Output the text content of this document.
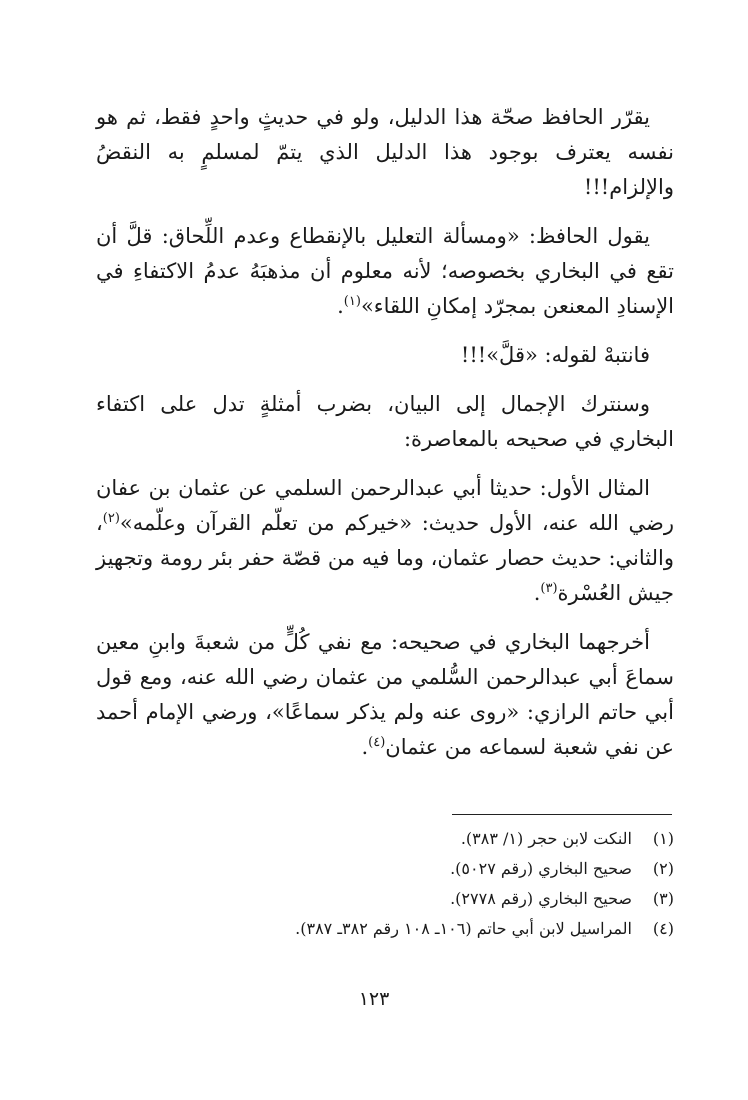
يقرّر الحافظ صحّة هذا الدليل، ولو في حديثٍ واحدٍ فقط، ثم هو نفسه يعترف بوجود هذا الدليل الذي يتمّ لمسلمٍ به النقضُ والإلزام!!!

يقول الحافظ: «ومسألة التعليل بالإنقطاع وعدم اللِّحاق: قلَّ أن تقع في البخاري بخصوصه؛ لأنه معلوم أن مذهبَهُ عدمُ الاكتفاءِ في الإسنادِ المعنعن بمجرّد إمكانِ اللقاء»$^{(١)}$.

فانتبهْ لقوله: «قلَّ»!!!

وسنترك الإجمال إلى البيان، بضرب أمثلةٍ تدل على اكتفاء البخاري في صحيحه بالمعاصرة:

المثال الأول: حديثا أبي عبدالرحمن السلمي عن عثمان بن عفان رضي الله عنه، الأول حديث: «خيركم من تعلّم القرآن وعلّمه»$^{(٢)}$، والثاني: حديث حصار عثمان، وما فيه من قصّة حفر بئر رومة وتجهيز جيش العُسْرة$^{(٣)}$.

أخرجهما البخاري في صحيحه: مع نفي كُلٍّ من شعبةَ وابنِ معين سماعَ أبي عبدالرحمن السُّلمي من عثمان رضي الله عنه، ومع قول أبي حاتم الرازي: «روى عنه ولم يذكر سماعًا»، ورضي الإمام أحمد عن نفي شعبة لسماعه من عثمان$^{(٤)}$.

(١)
النكت لابن حجر (١/ ٣٨٣).
(٢)
صحيح البخاري (رقم ٥٠٢٧).
(٣)
صحيح البخاري (رقم ٢٧٧٨).
(٤)
المراسيل لابن أبي حاتم (١٠٦ـ ١٠٨ رقم ٣٨٢ـ ٣٨٧).
١٢٣
